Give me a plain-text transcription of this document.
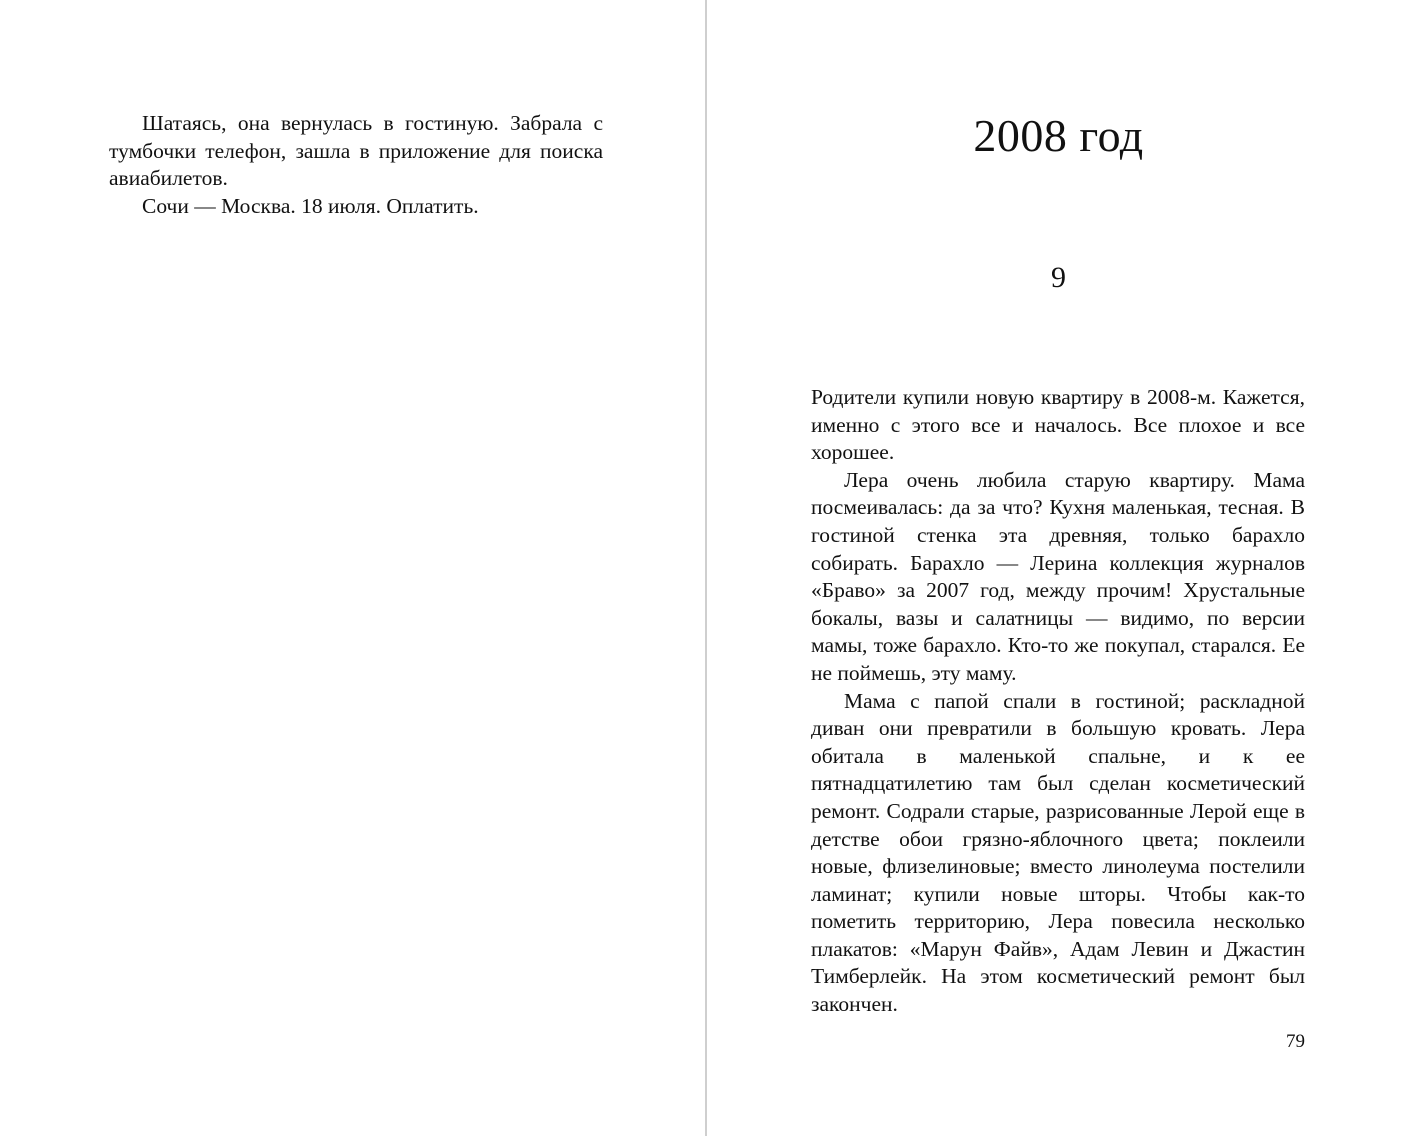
Шатаясь, она вернулась в гостиную. Забрала с тумбочки телефон, зашла в приложение для поиска авиабилетов.

Сочи — Москва. 18 июля. Оплатить.

2008 год
9

Родители купили новую квартиру в 2008-м. Кажется, именно с этого все и началось. Все плохое и все хорошее.

Лера очень любила старую квартиру. Мама посмеивалась: да за что? Кухня маленькая, тесная. В гостиной стенка эта древняя, только барахло собирать. Барахло — Лерина коллекция журналов «Браво» за 2007 год, между прочим! Хрустальные бокалы, вазы и салатницы — видимо, по версии мамы, тоже барахло. Кто-то же покупал, старался. Ее не поймешь, эту маму.

Мама с папой спали в гостиной; раскладной диван они превратили в большую кровать. Лера обитала в маленькой спальне, и к ее пятнадцатилетию там был сделан косметический ремонт. Содрали старые, разрисованные Лерой еще в детстве обои грязно-яблочного цвета; поклеили новые, флизелиновые; вместо линолеума постелили ламинат; купили новые шторы. Чтобы как-то пометить территорию, Лера повесила несколько плакатов: «Марун Файв», Адам Левин и Джастин Тимберлейк. На этом косметический ремонт был закончен.

79
